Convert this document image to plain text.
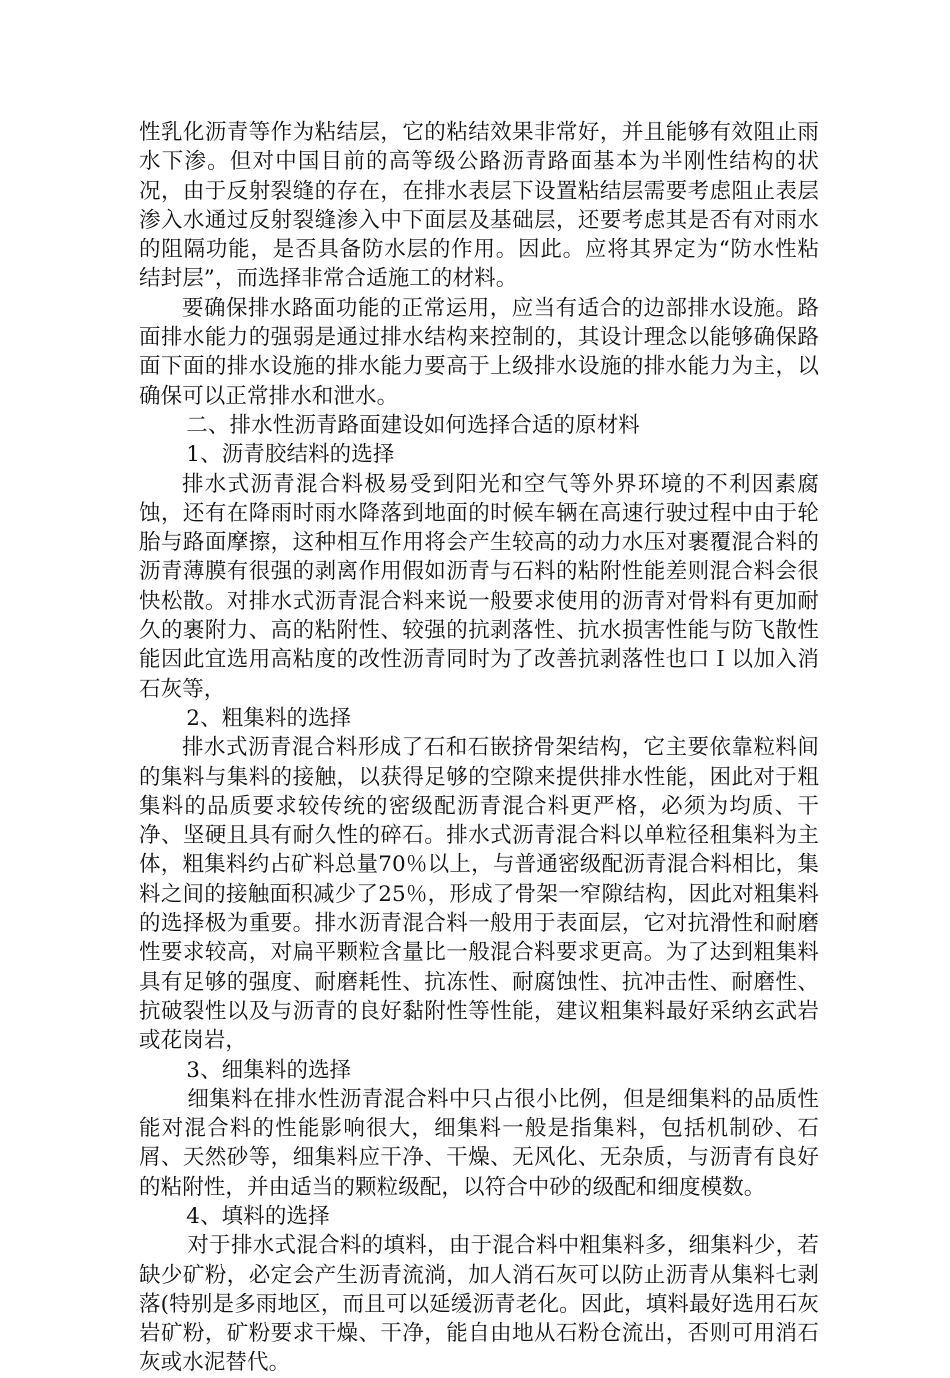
性乳化沥青等作为粘结层，它的粘结效果非常好，并且能够有效阻止雨水下渗。但对中国目前的高等级公路沥青路面基本为半刚性结构的状况，由于反射裂缝的存在，在排水表层下设置粘结层需要考虑阻止表层渗入水通过反射裂缝渗入中下面层及基础层，还要考虑其是否有对雨水的阻隔功能，是否具备防水层的作用。因此。应将其界定为“防水性粘结封层”，而选择非常合适施工的材料。

要确保排水路面功能的正常运用，应当有适合的边部排水设施。路面排水能力的强弱是通过排水结构来控制的，其设计理念以能够确保路面下面的排水设施的排水能力要高于上级排水设施的排水能力为主，以确保可以正常排水和泄水。

二、排水性沥青路面建设如何选择合适的原材料

1、沥青胶结料的选择

排水式沥青混合料极易受到阳光和空气等外界环境的不利因素腐蚀，还有在降雨时雨水降落到地面的时候车辆在高速行驶过程中由于轮胎与路面摩擦，这种相互作用将会产生较高的动力水压对裹覆混合料的沥青薄膜有很强的剥离作用假如沥青与石料的粘附性能差则混合料会很快松散。对排水式沥青混合料来说一般要求使用的沥青对骨料有更加耐久的裹附力、高的粘附性、较强的抗剥落性、抗水损害性能与防飞散性能因此宜选用高粘度的改性沥青同时为了改善抗剥落性也口Ｉ以加入消石灰等，

2、粗集料的选择

排水式沥青混合料形成了石和石嵌挤骨架结构，它主要依靠粒料间的集料与集料的接触，以获得足够的空隙来提供排水性能，困此对于粗集料的品质要求较传统的密级配沥青混合料更严格，必须为均质、干净、坚硬且具有耐久性的碎石。排水式沥青混合料以单粒径租集料为主体，粗集料约占矿料总量70％以上，与普通密级配沥青混合料相比，集料之间的接触面积减少了25％，形成了骨架一窄隙结构，因此对粗集料的选择极为重要。排水沥青混合料一般用于表面层，它对抗滑性和耐磨性要求较高，对扁平颗粒含量比一般混合料要求更高。为了达到粗集料具有足够的强度、耐磨耗性、抗冻性、耐腐蚀性、抗冲击性、耐磨性、抗破裂性以及与沥青的良好黏附性等性能，建议粗集料最好采纳玄武岩或花岗岩，

3、细集料的选择

细集料在排水性沥青混合料中只占很小比例，但是细集料的品质性能对混合料的性能影响很大，细集料一般是指集料，包括机制砂、石屑、天然砂等，细集料应干净、干燥、无风化、无杂质，与沥青有良好的粘附性，并由适当的颗粒级配，以符合中砂的级配和细度模数。

4、填料的选择

对于排水式混合料的填料，由于混合料中粗集料多，细集料少，若缺少矿粉，必定会产生沥青流淌，加人消石灰可以防止沥青从集料七剥落(特别是多雨地区，而且可以延缓沥青老化。因此，填料最好选用石灰岩矿粉，矿粉要求干燥、干净，能自由地从石粉仓流出，否则可用消石灰或水泥替代。
